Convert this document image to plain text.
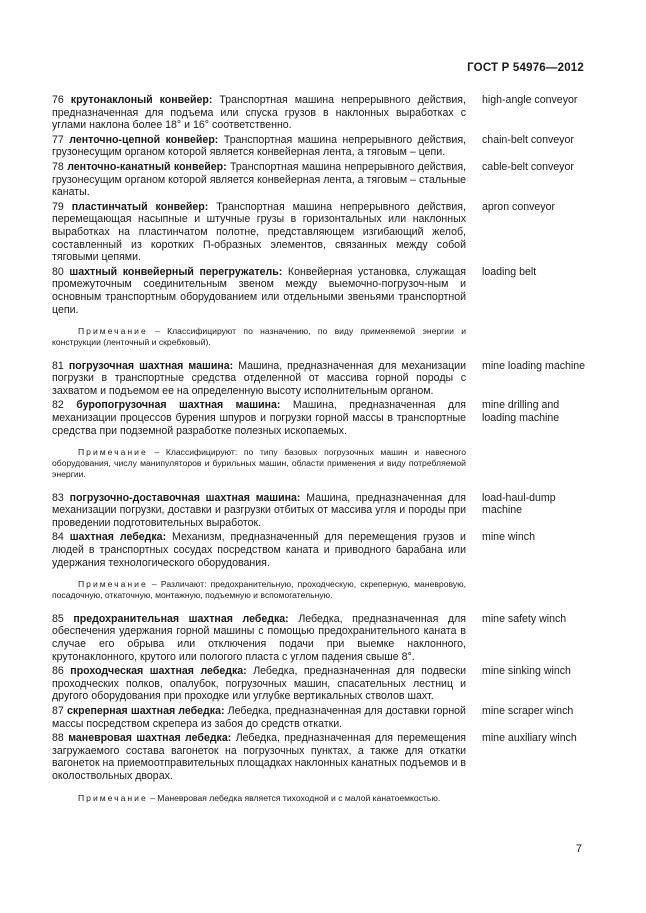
ГОСТ Р 54976—2012
76 крутонаклоный конвейер: Транспортная машина непрерывного действия, предназначенная для подъема или спуска грузов в наклонных выработках с углами наклона более 18° и 16° соответственно.
high-angle conveyor
77 ленточно-цепной конвейер: Транспортная машина непрерывного действия, грузонесущим органом которой является конвейерная лента, а тяговым – цепи.
chain-belt conveyor
78 ленточно-канатный конвейер: Транспортная машина непрерывного действия, грузонесущим органом которой является конвейерная лента, а тяговым – стальные канаты.
cable-belt conveyor
79 пластинчатый конвейер: Транспортная машина непрерывного действия, перемещающая насыпные и штучные грузы в горизонтальных или наклонных выработках на пластинчатом полотне, представляющем изгибающий желоб, составленный из коротких П-образных элементов, связанных между собой тяговыми цепями.
apron conveyor
80 шахтный конвейерный перегружатель: Конвейерная установка, служащая промежуточным соединительным звеном между выемочно-погрузоч-ным и основным транспортным оборудованием или отдельными звеньями транспортной цепи.
loading belt
Примечание – Классифицируют по назначению, по виду применяемой энергии и конструкции (ленточный и скребковый).
81 погрузочная шахтная машина: Машина, предназначенная для механизации погрузки в транспортные средства отделенной от массива горной породы с захватом и подъемом ее на определенную высоту исполнительным органом.
mine loading machine
82 буропогрузочная шахтная машина: Машина, предназначенная для механизации процессов бурения шпуров и погрузки горной массы в транспортные средства при подземной разработке полезных ископаемых.
mine drilling and loading machine
Примечание – Классифицируют: по типу базовых погрузочных машин и навесного оборудования, числу манипуляторов и бурильных машин, области применения и виду потребляемой энергии.
83 погрузочно-доставочная шахтная машина: Машина, предназначенная для механизации погрузки, доставки и разгрузки отбитых от массива угля и породы при проведении подготовительных выработок.
load-haul-dump machine
84 шахтная лебедка: Механизм, предназначенный для перемещения грузов и людей в транспортных сосудах посредством каната и приводного барабана или удержания технологического оборудования.
mine winch
Примечание – Различают: предохранительную, проходческую, скреперную, маневровую, посадочную, откаточную, монтажную, подъемную и вспомогательную.
85 предохранительная шахтная лебедка: Лебедка, предназначенная для обеспечения удержания горной машины с помощью предохранительного каната в случае его обрыва или отключения подачи при выемке наклонного, крутонаклонного, крутого или пологого пласта с углом падения свыше 8°.
mine safety winch
86 проходческая шахтная лебедка: Лебедка, предназначенная для подвески проходческих полков, опалубок, погрузочных машин, спасательных лестниц и другого оборудования при проходке или углубке вертикальных стволов шахт.
mine sinking winch
87 скреперная шахтная лебедка: Лебедка, предназначенная для доставки горной массы посредством скрепера из забоя до средств откатки.
mine scraper winch
88 маневровая шахтная лебедка: Лебедка, предназначенная для перемещения загружаемого состава вагонеток на погрузочных пунктах, а также для откатки вагонеток на приемоотправительных площадках наклонных канатных подъемов и в околоствольных дворах.
mine auxiliary winch
Примечание – Маневровая лебедка является тихоходной и с малой канатоемкостью.
7
